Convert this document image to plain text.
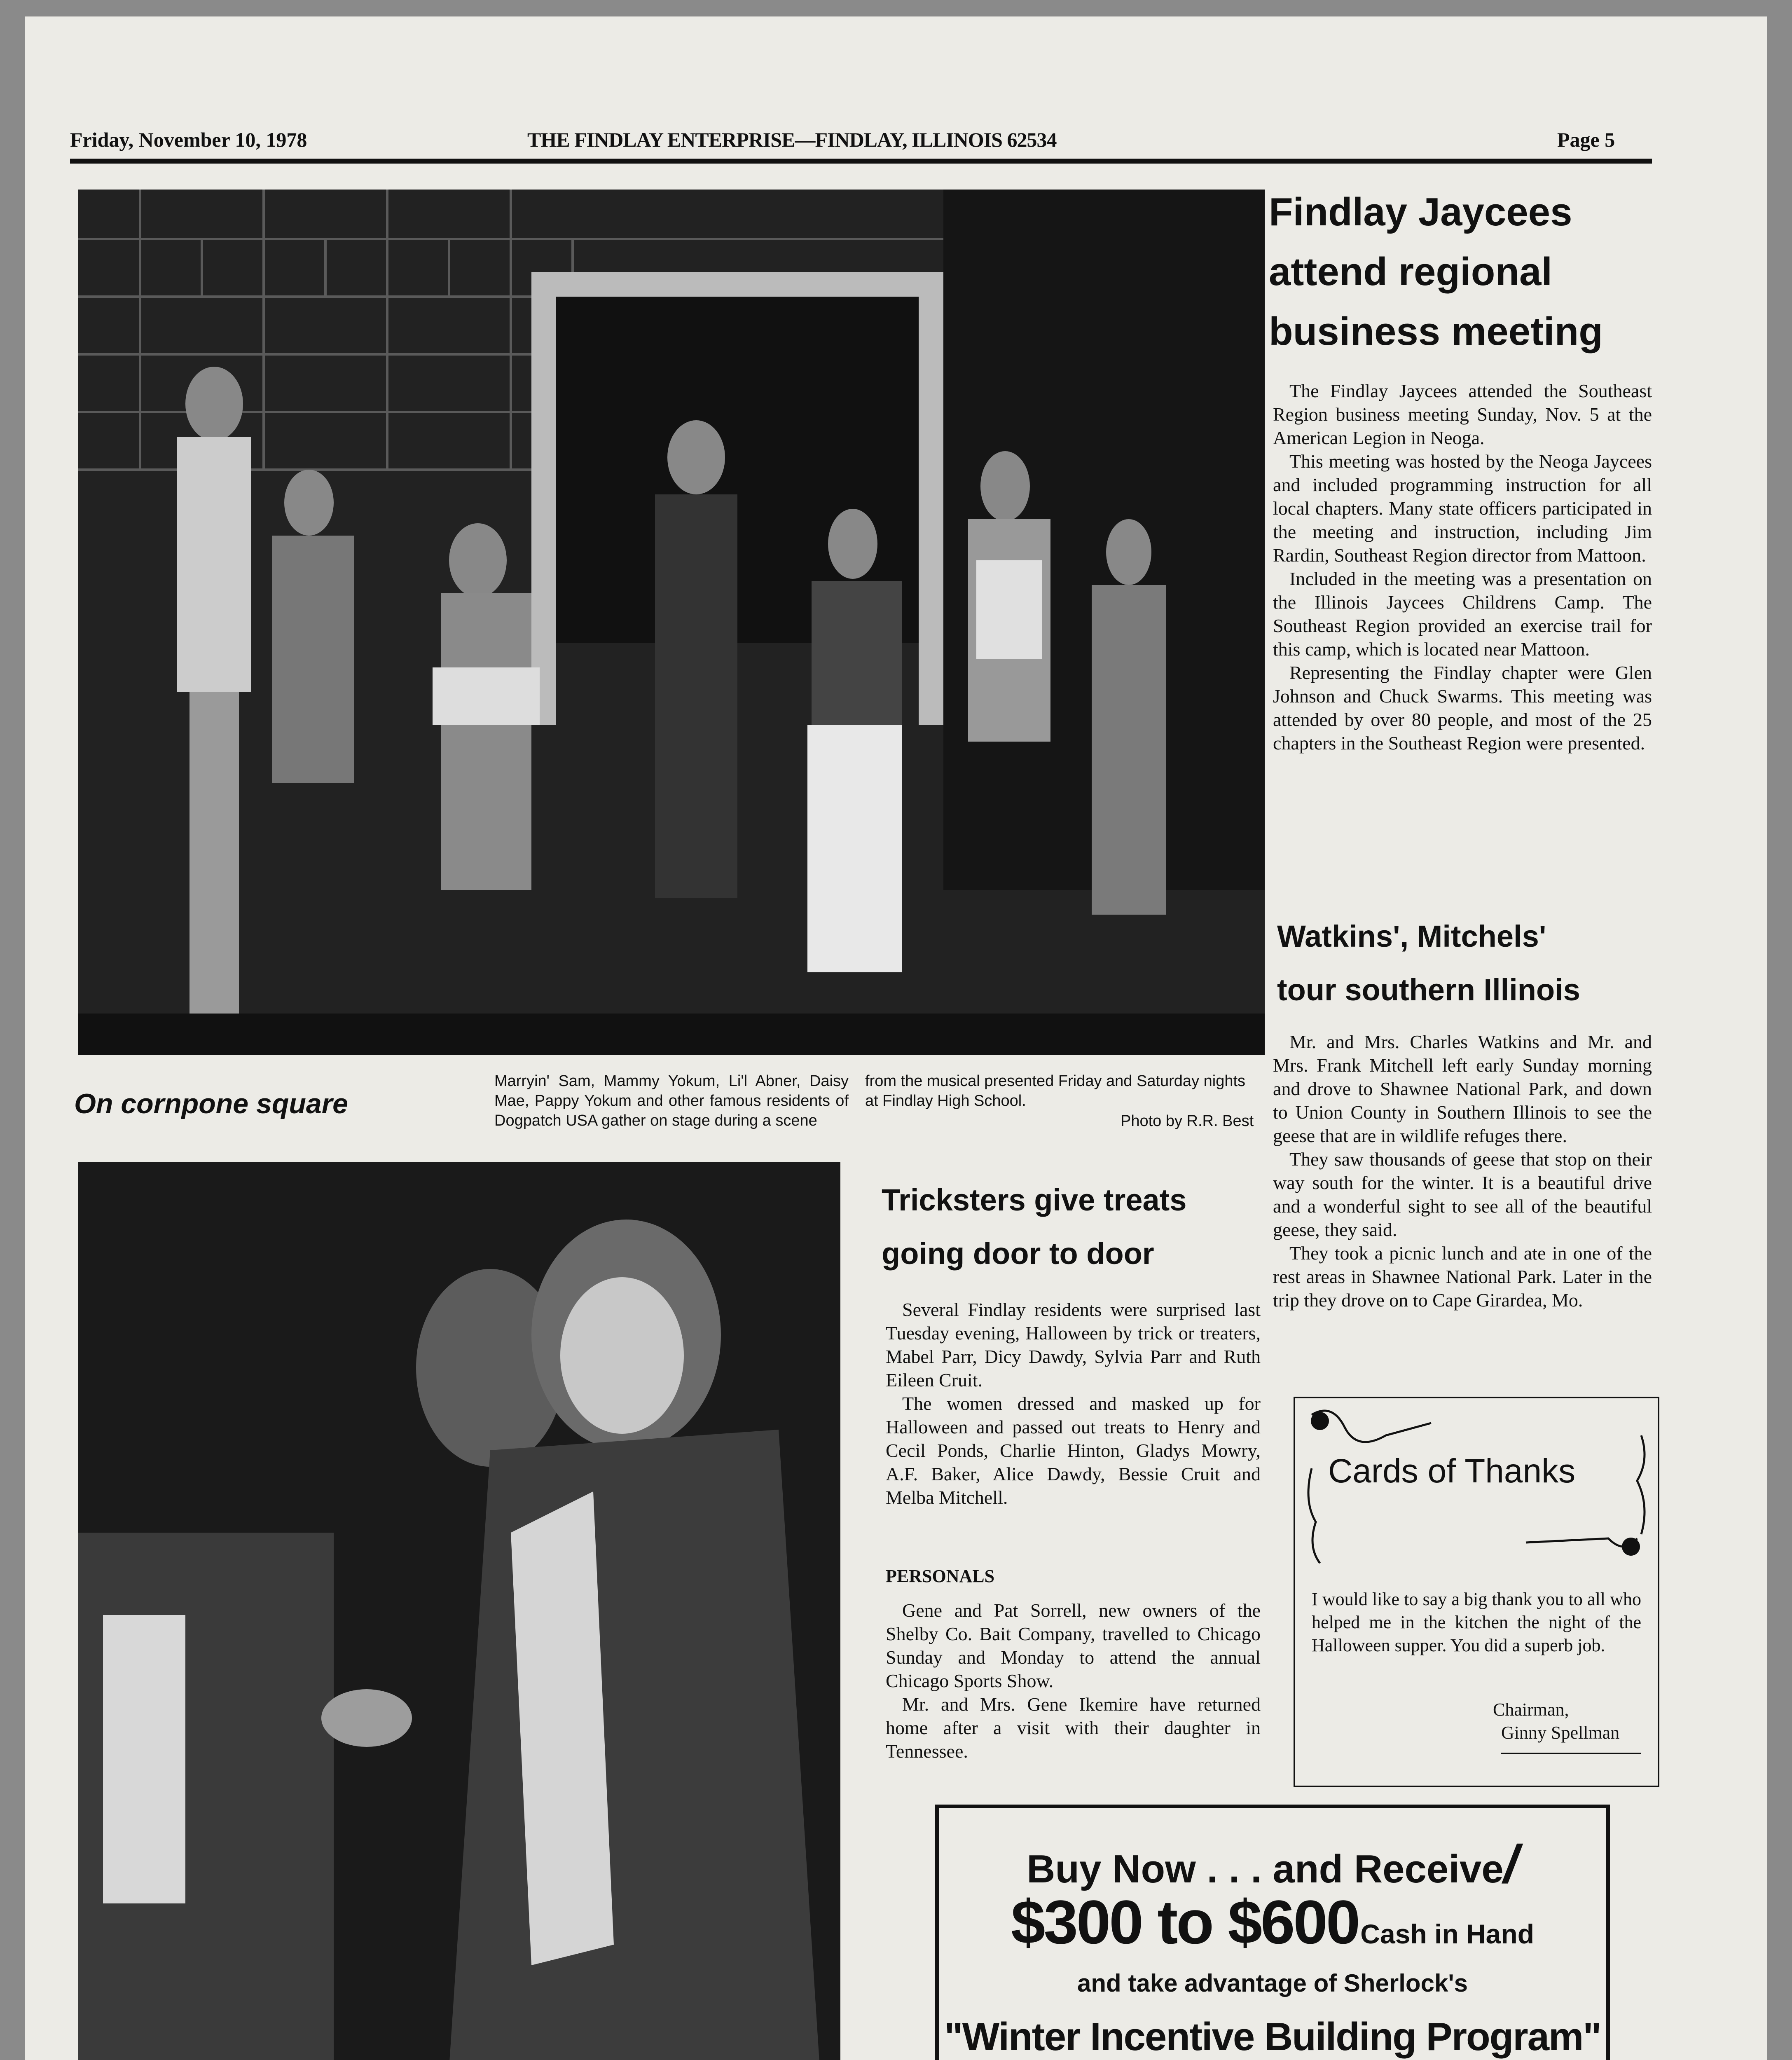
Friday, November 10, 1978	THE FINDLAY ENTERPRISE—FINDLAY, ILLINOIS 62534	Page 5
On cornpone square
Marryin' Sam, Mammy Yokum, Li'l Abner, Daisy Mae, Pappy Yokum and other famous residents of Dogpatch USA gather on stage during a scene
from the musical presented Friday and Saturday nights at Findlay High School.
Photo by R.R. Best
Findlay Jaycees
attend regional
business meeting

The Findlay Jaycees attended the Southeast Region business meeting Sunday, Nov. 5 at the American Legion in Neoga.

This meeting was hosted by the Neoga Jaycees and included programming instruction for all local chapters. Many state officers participated in the meeting and instruction, including Jim Rardin, Southeast Region director from Mattoon.

Included in the meeting was a presentation on the Illinois Jaycees Childrens Camp. The Southeast Region provided an exercise trail for this camp, which is located near Mattoon.

Representing the Findlay chapter were Glen Johnson and Chuck Swarms. This meeting was attended by over 80 people, and most of the 25 chapters in the Southeast Region were presented.

Watkins', Mitchels'
tour southern Illinois

Mr. and Mrs. Charles Watkins and Mr. and Mrs. Frank Mitchell left early Sunday morning and drove to Shawnee National Park, and down to Union County in Southern Illinois to see the geese that are in wildlife refuges there.

They saw thousands of geese that stop on their way south for the winter. It is a beautiful drive and a wonderful sight to see all of the beautiful geese, they said.

They took a picnic lunch and ate in one of the rest areas in Shawnee National Park. Later in the trip they drove on to Cape Girardea, Mo.

Tricksters give treats
going door to door

Several Findlay residents were surprised last Tuesday evening, Halloween by trick or treaters, Mabel Parr, Dicy Dawdy, Sylvia Parr and Ruth Eileen Cruit.

The women dressed and masked up for Halloween and passed out treats to Henry and Cecil Ponds, Charlie Hinton, Gladys Mowry, A.F. Baker, Alice Dawdy, Bessie Cruit and Melba Mitchell.

PERSONALS

Gene and Pat Sorrell, new owners of the Shelby Co. Bait Company, travelled to Chicago Sunday and Monday to attend the annual Chicago Sports Show.

Mr. and Mrs. Gene Ikemire have returned home after a visit with their daughter in Tennessee.

Cards of Thanks
I would like to say a big thank you to all who helped me in the kitchen the night of the Halloween supper. You did a superb job.
Chairman,
Ginny Spellman
Buy Now . . . and Receive/
$300 to $600 Cash in Hand
and take advantage of Sherlock's
"Winter Incentive Building Program"
